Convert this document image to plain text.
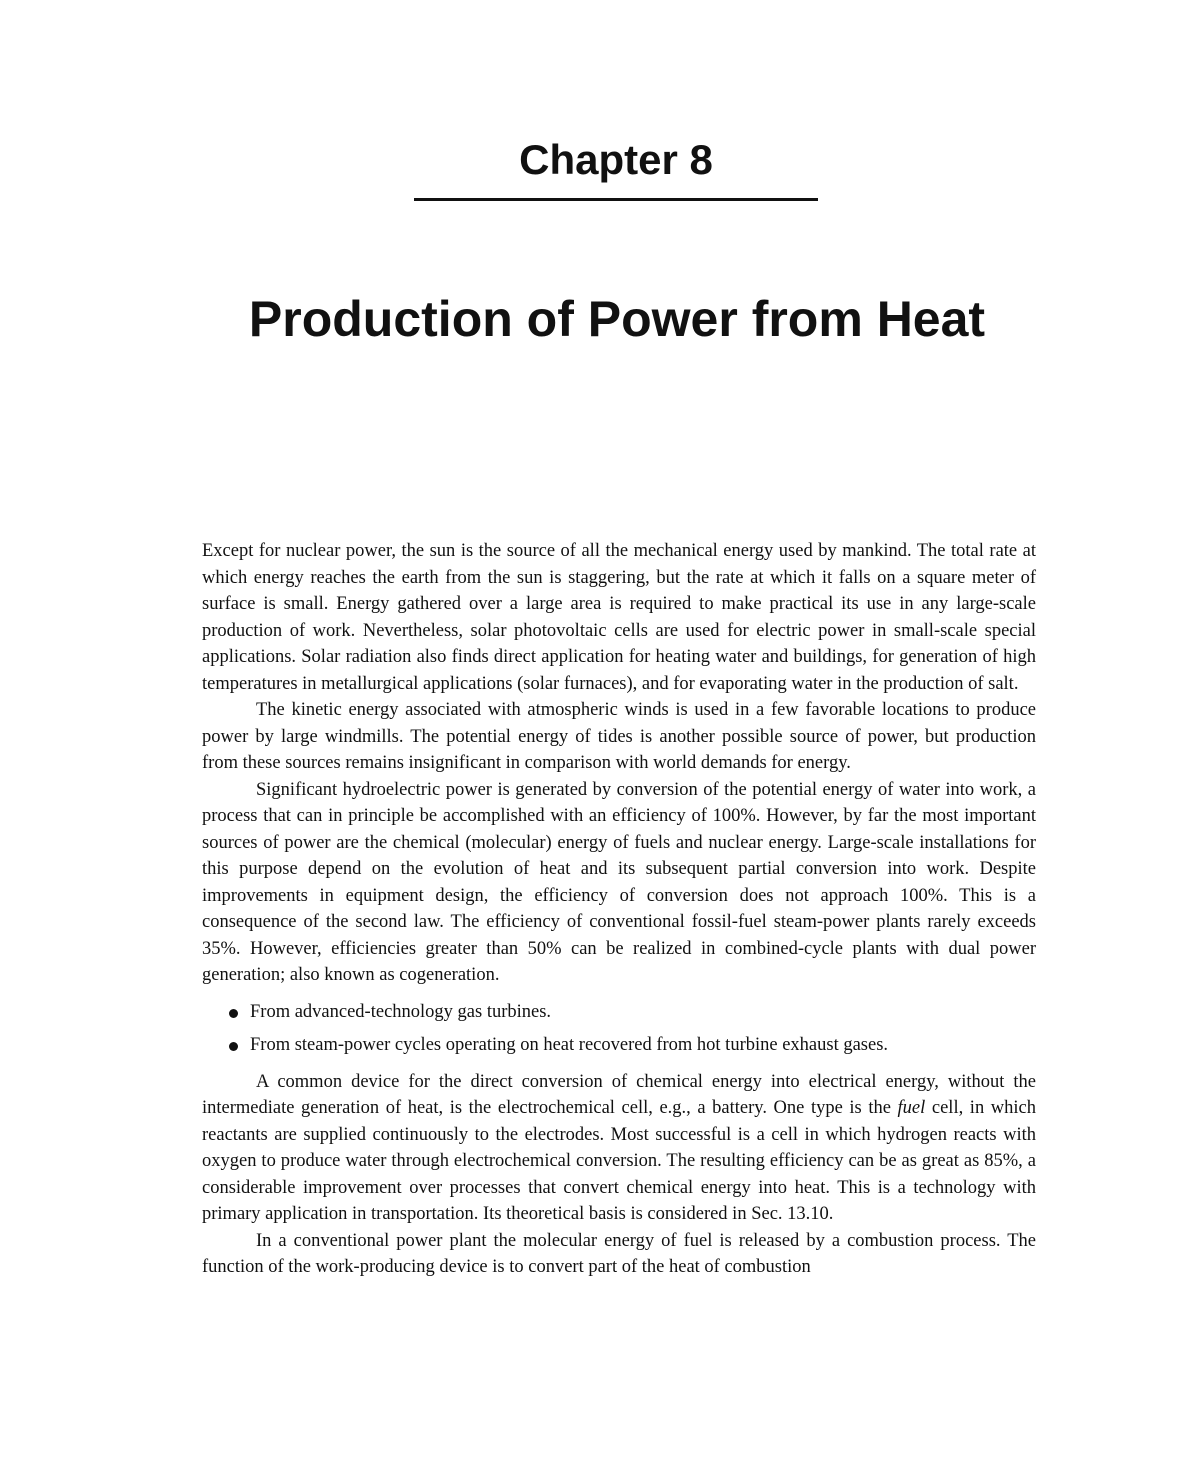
Chapter 8
Production of Power from Heat

Except for nuclear power, the sun is the source of all the mechanical energy used by mankind. The total rate at which energy reaches the earth from the sun is staggering, but the rate at which it falls on a square meter of surface is small. Energy gathered over a large area is required to make practical its use in any large-scale production of work. Nevertheless, solar photovoltaic cells are used for electric power in small-scale special applications. Solar radiation also finds direct application for heating water and buildings, for generation of high temperatures in metallurgical applications (solar furnaces), and for evaporating water in the production of salt.

The kinetic energy associated with atmospheric winds is used in a few favorable locations to produce power by large windmills. The potential energy of tides is another possible source of power, but production from these sources remains insignificant in comparison with world demands for energy.

Significant hydroelectric power is generated by conversion of the potential energy of water into work, a process that can in principle be accomplished with an efficiency of 100%. However, by far the most important sources of power are the chemical (molecular) energy of fuels and nuclear energy. Large-scale installations for this purpose depend on the evolution of heat and its subsequent partial conversion into work. Despite improvements in equipment design, the efficiency of conversion does not approach 100%. This is a consequence of the second law. The efficiency of conventional fossil-fuel steam-power plants rarely exceeds 35%. However, efficiencies greater than 50% can be realized in combined-cycle plants with dual power generation; also known as cogeneration.

From advanced-technology gas turbines.
From steam-power cycles operating on heat recovered from hot turbine exhaust gases.

A common device for the direct conversion of chemical energy into electrical energy, without the intermediate generation of heat, is the electrochemical cell, e.g., a battery. One type is the fuel cell, in which reactants are supplied continuously to the electrodes. Most successful is a cell in which hydrogen reacts with oxygen to produce water through electrochemical conversion. The resulting efficiency can be as great as 85%, a considerable improvement over processes that convert chemical energy into heat. This is a technology with primary application in transportation. Its theoretical basis is considered in Sec. 13.10.

In a conventional power plant the molecular energy of fuel is released by a combustion process. The function of the work-producing device is to convert part of the heat of combustion
